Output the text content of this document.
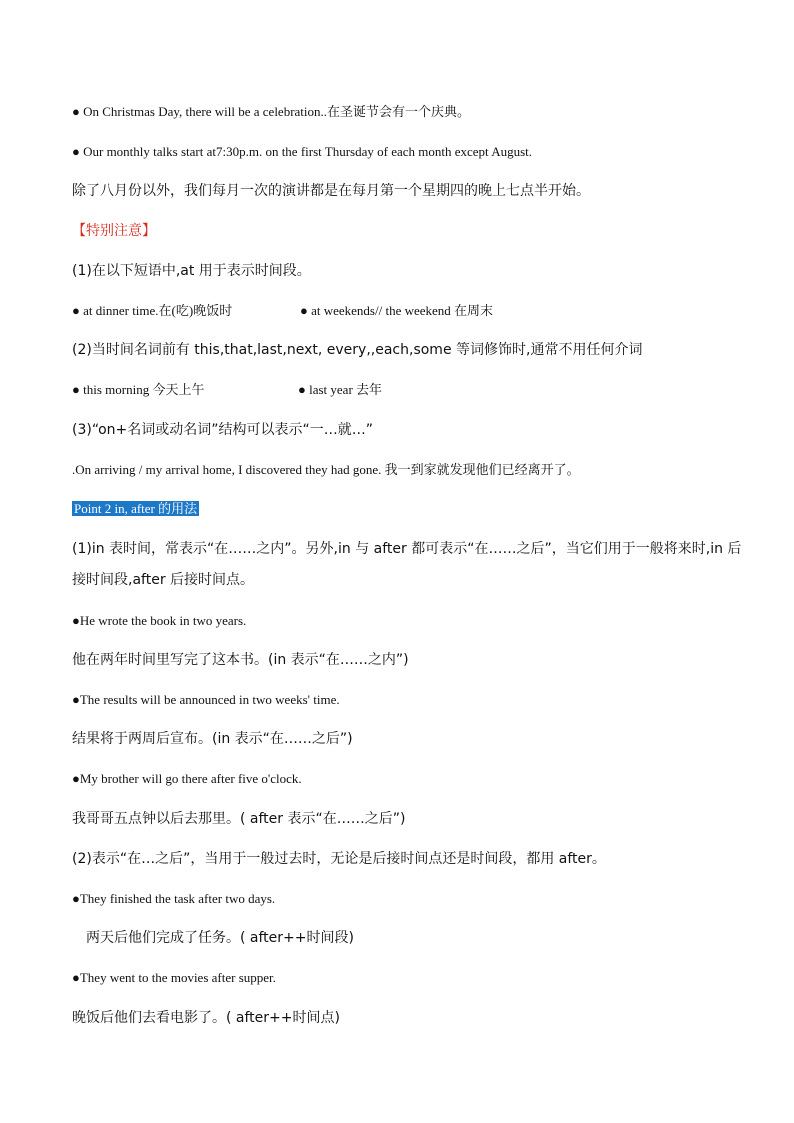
● On Christmas Day, there will be a celebration..在圣诞节会有一个庆典。
● Our monthly talks start at7:30p.m. on the first Thursday of each month except August.
除了八月份以外，我们每月一次的演讲都是在每月第一个星期四的晚上七点半开始。
【特别注意】
(1)在以下短语中,at 用于表示时间段。
● at dinner time.在(吃)晚饭时	● at weekends// the weekend 在周末
(2)当时间名词前有 this,that,last,next, every,,each,some 等词修饰时,通常不用任何介词
● this morning 今天上午	● last year 去年
(3)“on+名词或动名词”结构可以表示“一…就…”
.On arriving / my arrival home, I discovered they had gone. 我一到家就发现他们已经离开了。
Point 2 in, after 的用法
(1)in 表时间，常表示“在……之内”。另外,in 与 after 都可表示“在……之后”，当它们用于一般将来时,in 后
接时间段,after 后接时间点。
●He wrote the book in two years.
他在两年时间里写完了这本书。(in 表示“在……之内”)
●The results will be announced in two weeks' time.
结果将于两周后宣布。(in 表示“在……之后”)
●My brother will go there after five o'clock.
我哥哥五点钟以后去那里。( after 表示“在……之后”)
(2)表示“在…之后”，当用于一般过去时，无论是后接时间点还是时间段，都用 after。
●They finished the task after two days.
两天后他们完成了任务。( after++时间段)
●They went to the movies after supper.
晚饭后他们去看电影了。( after++时间点)
